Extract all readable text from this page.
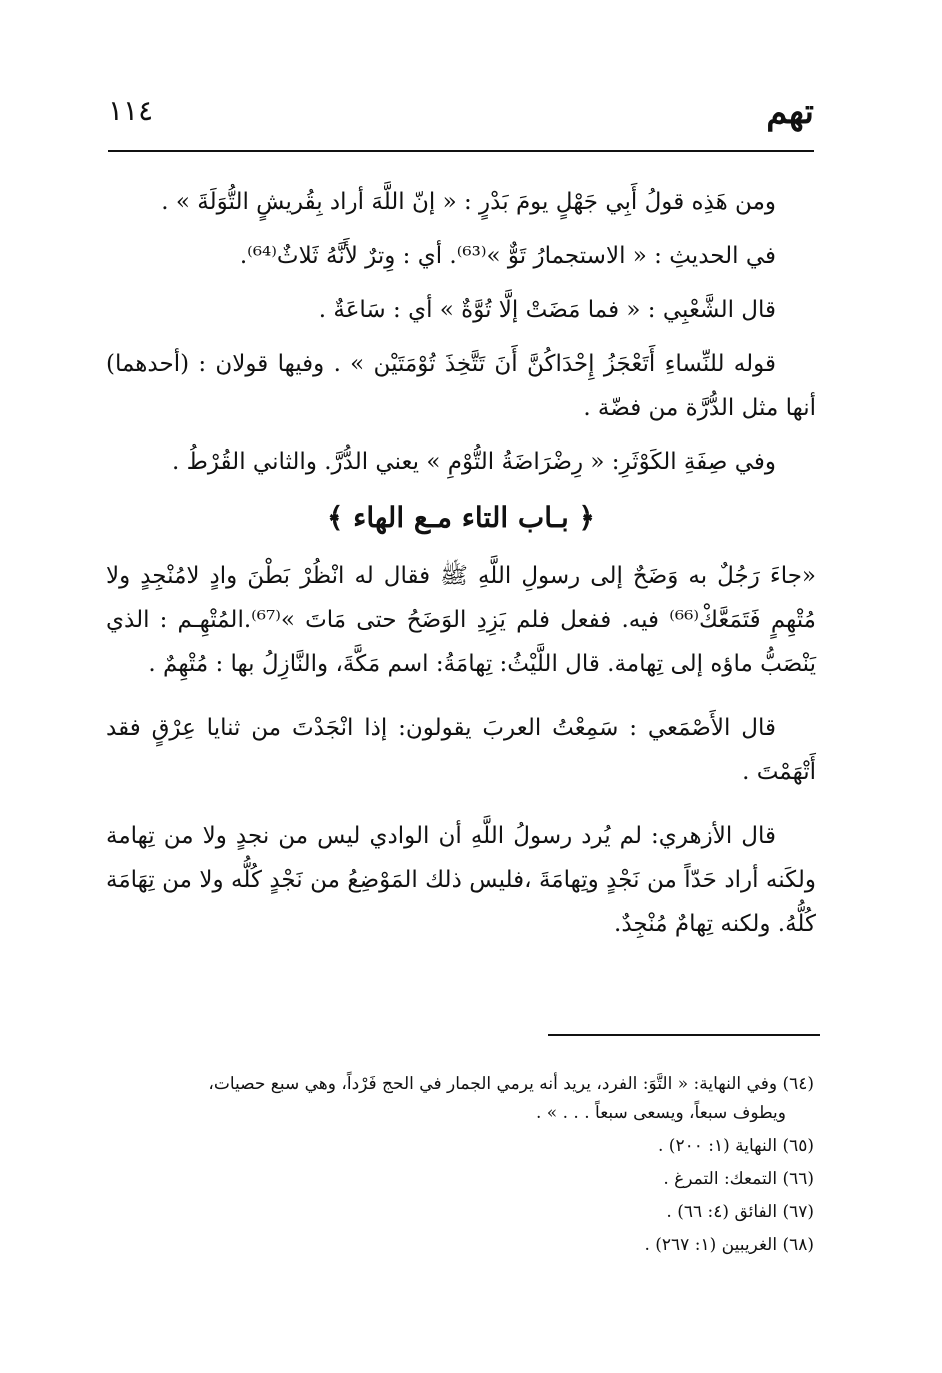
تهم
١١٤

ومن هَذِه قولُ أَبِي جَهْلٍ يومَ بَدْرٍ : « إنّ اللَّهَ أراد بِقُريشٍ التُّوَلَةَ » .

في الحديثِ : « الاستجمارُ تَوٌّ »⁽⁶³⁾. أي : وِترٌ لأَنَّهُ ثَلاثٌ⁽⁶⁴⁾.

قال الشَّعْبِي : « فما مَضَتْ إلَّا تُوَّةٌ » أي : سَاعَةٌ .

قوله للنِّساءِ أَتَعْجَزُ إِحْدَاكُنَّ أَنَ تَتَّخِذَ تُوْمَتَيْن » . وفيها قولان : (أحدهما) أنها مثل الدُّرَّة من فضّة .

وفي صِفَةِ الكَوْثَرِ: « رِضْرَاضَةُ التُّوْمِ » يعني الدُّرَّ. والثاني القُرْطُ .

﴿ بـاب التاء مـع الهاء ﴾

«جاءَ رَجُلٌ به وَضَحٌ إلى رسولِ اللَّهِ ﷺ فقال له انْظُرْ بَطْنَ وادٍ لامُنْجِدٍ ولا مُتْهِمٍ فَتَمَعَّكْ⁽⁶⁶⁾ فيه. ففعل فلم يَزِدِ الوَضَحُ حتى مَاتَ »⁽⁶⁷⁾.المُتْهِـم : الذي يَنْصَبُّ ماؤه إلى تِهامة. قال اللَّيْثُ: تِهامَةُ: اسم مَكَّةَ، والنَّازِلُ بها : مُتْهِمٌ .

قال الأَصْمَعي : سَمِعْتُ العربَ يقولون: إذا انْجَدْتَ من ثنايا عِرْقٍ فقد أَتْهَمْتَ .

قال الأزهري: لم يُرد رسولُ اللَّهِ أن الوادي ليس من نجدٍ ولا من تِهامة ولكَنه أراد حَدّاً من نَجْدٍ وتِهامَةَ ،فليس ذلك المَوْضِعُ من نَجْدٍ كُلُّه ولا من تِهَامَة كُلُّهُ. ولكنه تِهامٌ مُنْجِدٌ.

(٦٤) وفي النهاية: « التَّوَ: الفرد، يريد أنه يرمي الجمار في الحج فَرْداً، وهي سبع حصيات،
ويطوف سبعاً، ويسعى سبعاً . . . » .
(٦٥) النهاية (١: ٢٠٠) .
(٦٦) التمعك: التمرغ .
(٦٧) الفائق (٤: ٦٦) .
(٦٨) الغريبين (١: ٢٦٧) .
